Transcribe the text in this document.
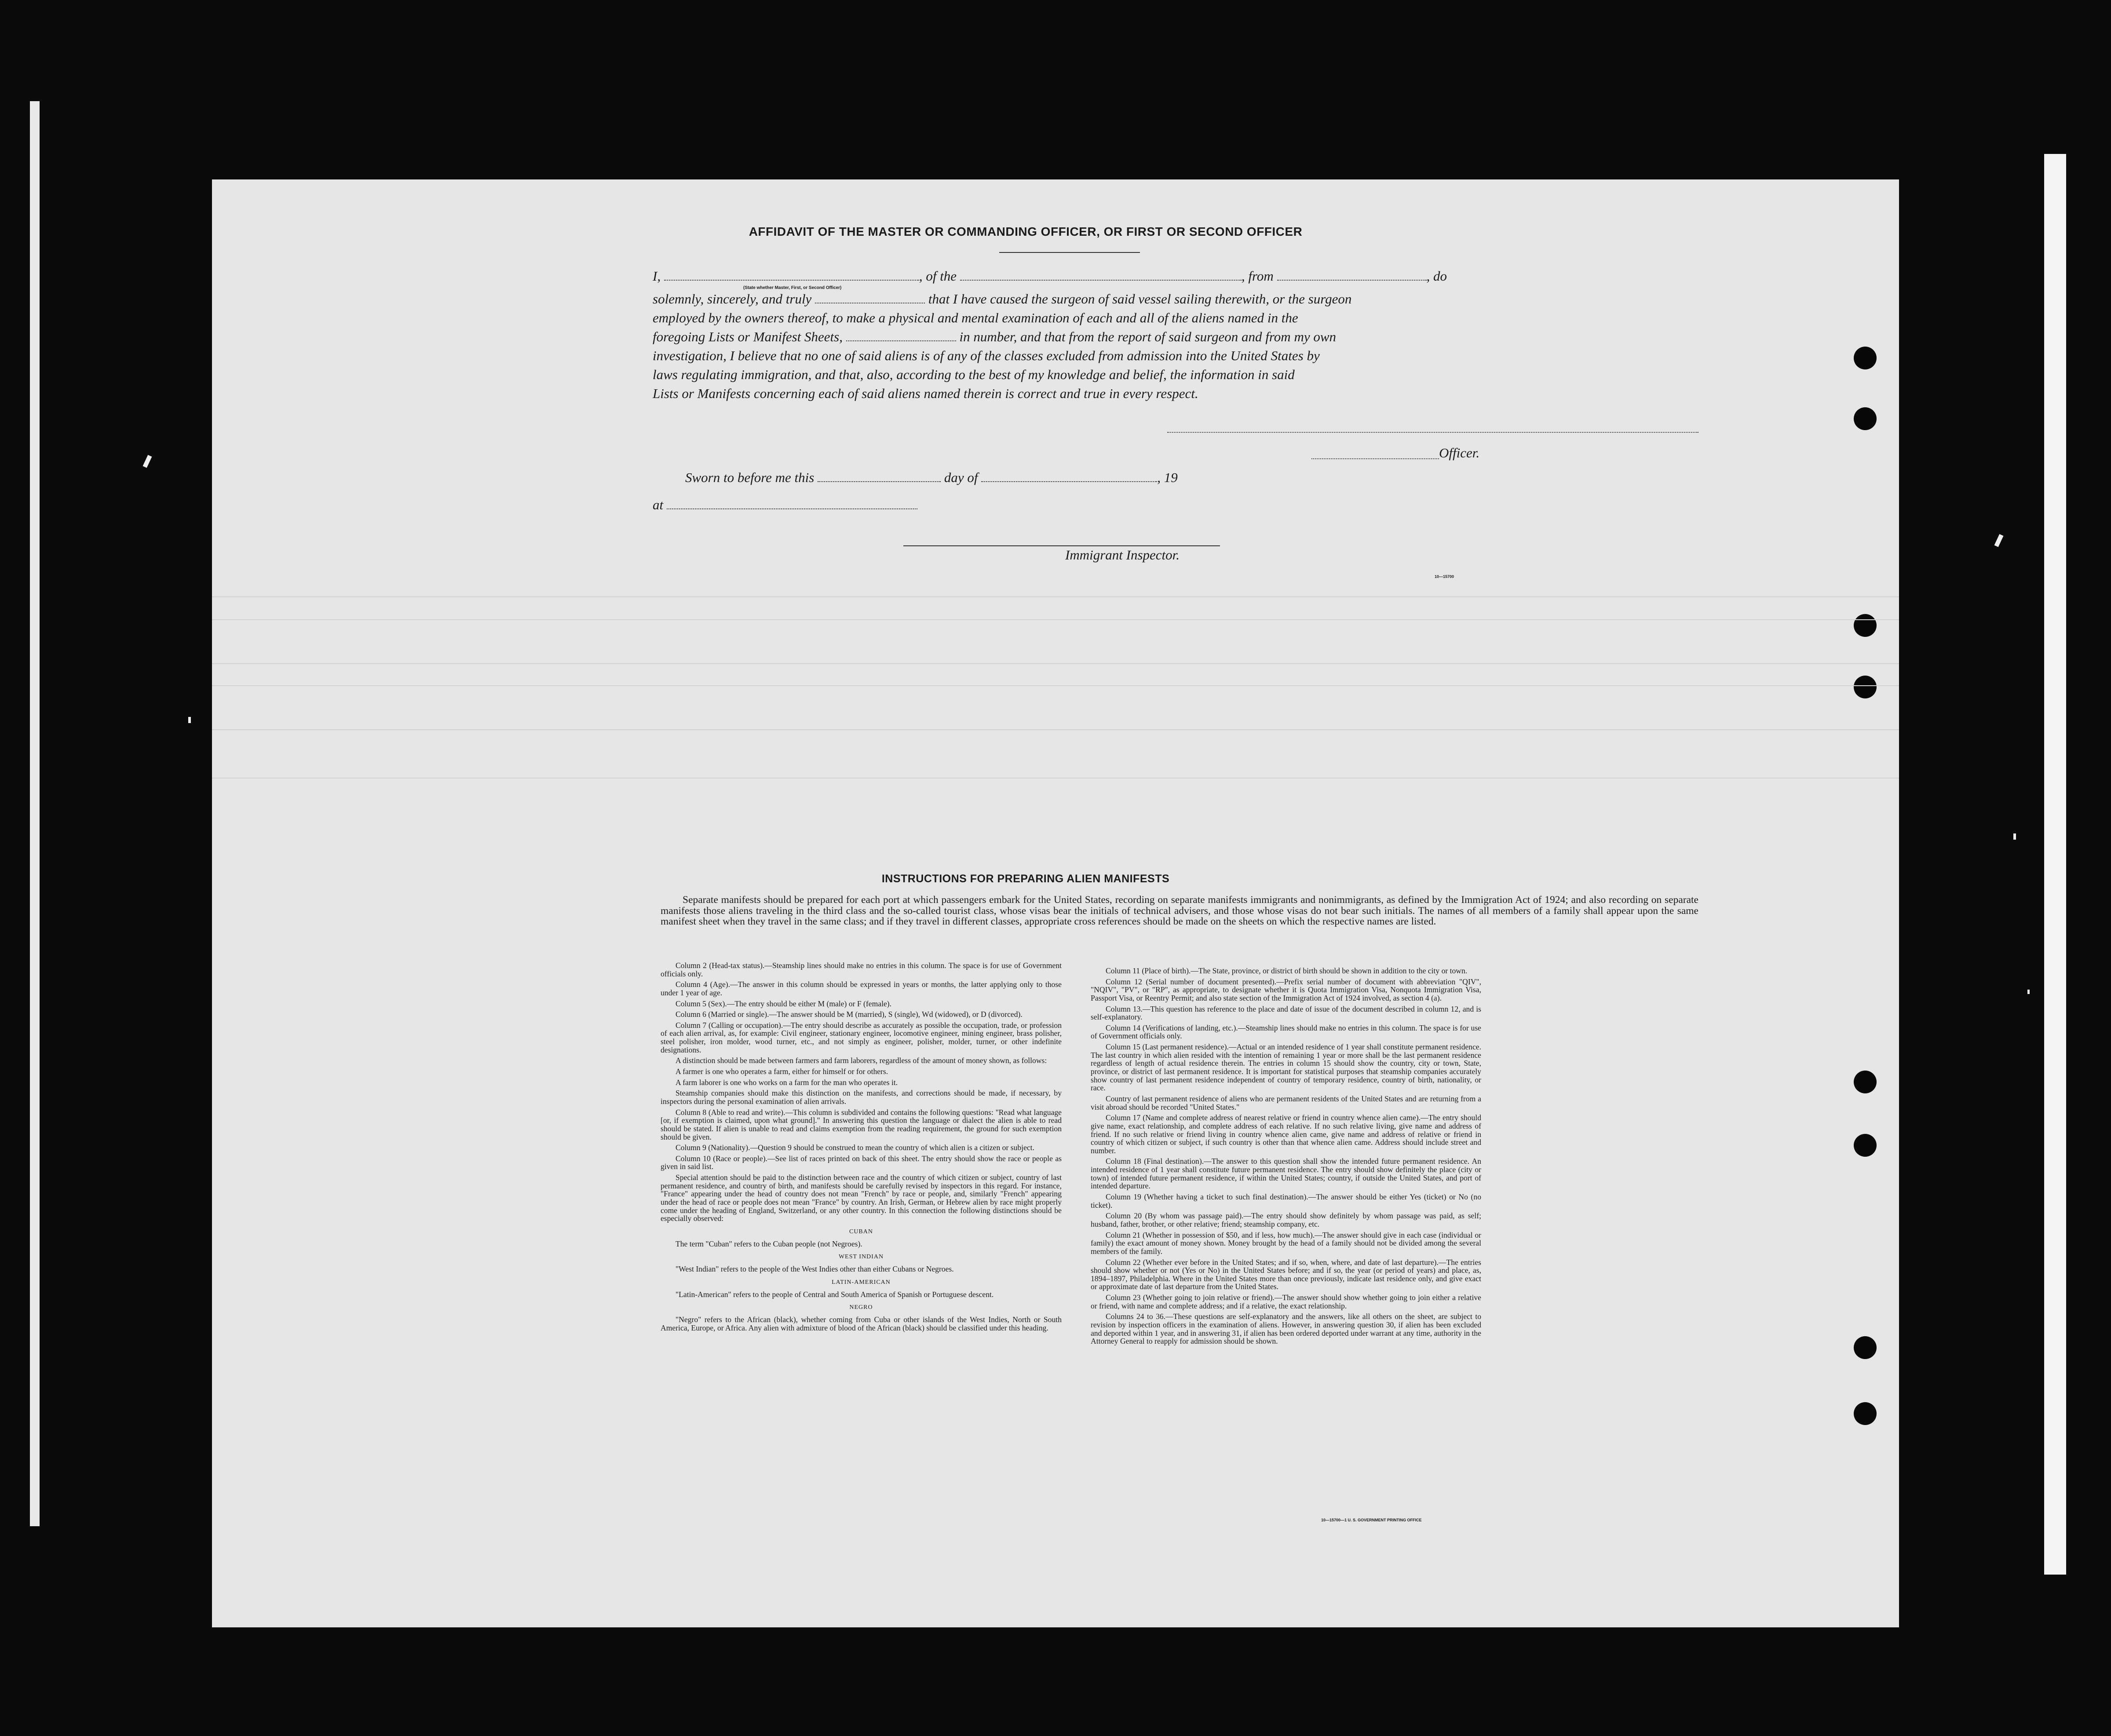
AFFIDAVIT OF THE MASTER OR COMMANDING OFFICER, OR FIRST OR SECOND OFFICER
I,	, of the	, from	, do
(State whether Master, First, or Second Officer)
solemnly, sincerely, and truly	that I have caused the surgeon of said vessel sailing therewith, or the surgeon
employed by the owners thereof, to make a physical and mental examination of each and all of the aliens named in the
foregoing Lists or Manifest Sheets,	in number, and that from the report of said surgeon and from my own
investigation, I believe that no one of said aliens is of any of the classes excluded from admission into the United States by
laws regulating immigration, and that, also, according to the best of my knowledge and belief, the information in said
Lists or Manifests concerning each of said aliens named therein is correct and true in every respect.
Officer.
Sworn to before me this	day of	, 19
at
Immigrant Inspector.
10—15700
INSTRUCTIONS FOR PREPARING ALIEN MANIFESTS
Separate manifests should be prepared for each port at which passengers embark for the United States, recording on separate manifests immigrants and nonimmigrants, as defined by the Immigration Act of 1924; and also recording on separate manifests those aliens traveling in the third class and the so-called tourist class, whose visas bear the initials of technical advisers, and those whose visas do not bear such initials. The names of all members of a family shall appear upon the same manifest sheet when they travel in the same class; and if they travel in different classes, appropriate cross references should be made on the sheets on which the respective names are listed.

Column 2 (Head-tax status).—Steamship lines should make no entries in this column. The space is for use of Government officials only.

Column 4 (Age).—The answer in this column should be expressed in years or months, the latter applying only to those under 1 year of age.

Column 5 (Sex).—The entry should be either M (male) or F (female).

Column 6 (Married or single).—The answer should be M (married), S (single), Wd (widowed), or D (divorced).

Column 7 (Calling or occupation).—The entry should describe as accurately as possible the occupation, trade, or profession of each alien arrival, as, for example: Civil engineer, stationary engineer, locomotive engineer, mining engineer, brass polisher, steel polisher, iron molder, wood turner, etc., and not simply as engineer, polisher, molder, turner, or other indefinite designations.

A distinction should be made between farmers and farm laborers, regardless of the amount of money shown, as follows:

A farmer is one who operates a farm, either for himself or for others.

A farm laborer is one who works on a farm for the man who operates it.

Steamship companies should make this distinction on the manifests, and corrections should be made, if necessary, by inspectors during the personal examination of alien arrivals.

Column 8 (Able to read and write).—This column is subdivided and contains the following questions: "Read what language [or, if exemption is claimed, upon what ground]." In answering this question the language or dialect the alien is able to read should be stated. If alien is unable to read and claims exemption from the reading requirement, the ground for such exemption should be given.

Column 9 (Nationality).—Question 9 should be construed to mean the country of which alien is a citizen or subject.

Column 10 (Race or people).—See list of races printed on back of this sheet. The entry should show the race or people as given in said list.

Special attention should be paid to the distinction between race and the country of which citizen or subject, country of last permanent residence, and country of birth, and manifests should be carefully revised by inspectors in this regard. For instance, "France" appearing under the head of country does not mean "French" by race or people, and, similarly "French" appearing under the head of race or people does not mean "France" by country. An Irish, German, or Hebrew alien by race might properly come under the heading of England, Switzerland, or any other country. In this connection the following distinctions should be especially observed:

CUBAN

The term "Cuban" refers to the Cuban people (not Negroes).

WEST INDIAN

"West Indian" refers to the people of the West Indies other than either Cubans or Negroes.

LATIN-AMERICAN

"Latin-American" refers to the people of Central and South America of Spanish or Portuguese descent.

NEGRO

"Negro" refers to the African (black), whether coming from Cuba or other islands of the West Indies, North or South America, Europe, or Africa. Any alien with admixture of blood of the African (black) should be classified under this heading.

Column 11 (Place of birth).—The State, province, or district of birth should be shown in addition to the city or town.

Column 12 (Serial number of document presented).—Prefix serial number of document with abbreviation "QIV", "NQIV", "PV", or "RP", as appropriate, to designate whether it is Quota Immigration Visa, Nonquota Immigration Visa, Passport Visa, or Reentry Permit; and also state section of the Immigration Act of 1924 involved, as section 4 (a).

Column 13.—This question has reference to the place and date of issue of the document described in column 12, and is self-explanatory.

Column 14 (Verifications of landing, etc.).—Steamship lines should make no entries in this column. The space is for use of Government officials only.

Column 15 (Last permanent residence).—Actual or an intended residence of 1 year shall constitute permanent residence. The last country in which alien resided with the intention of remaining 1 year or more shall be the last permanent residence regardless of length of actual residence therein. The entries in column 15 should show the country, city or town, State, province, or district of last permanent residence. It is important for statistical purposes that steamship companies accurately show country of last permanent residence independent of country of temporary residence, country of birth, nationality, or race.

Country of last permanent residence of aliens who are permanent residents of the United States and are returning from a visit abroad should be recorded "United States."

Column 17 (Name and complete address of nearest relative or friend in country whence alien came).—The entry should give name, exact relationship, and complete address of each relative. If no such relative living, give name and address of friend. If no such relative or friend living in country whence alien came, give name and address of relative or friend in country of which citizen or subject, if such country is other than that whence alien came. Address should include street and number.

Column 18 (Final destination).—The answer to this question shall show the intended future permanent residence. An intended residence of 1 year shall constitute future permanent residence. The entry should show definitely the place (city or town) of intended future permanent residence, if within the United States; country, if outside the United States, and port of intended departure.

Column 19 (Whether having a ticket to such final destination).—The answer should be either Yes (ticket) or No (no ticket).

Column 20 (By whom was passage paid).—The entry should show definitely by whom passage was paid, as self; husband, father, brother, or other relative; friend; steamship company, etc.

Column 21 (Whether in possession of $50, and if less, how much).—The answer should give in each case (individual or family) the exact amount of money shown. Money brought by the head of a family should not be divided among the several members of the family.

Column 22 (Whether ever before in the United States; and if so, when, where, and date of last departure).—The entries should show whether or not (Yes or No) in the United States before; and if so, the year (or period of years) and place, as, 1894–1897, Philadelphia. Where in the United States more than once previously, indicate last residence only, and give exact or approximate date of last departure from the United States.

Column 23 (Whether going to join relative or friend).—The answer should show whether going to join either a relative or friend, with name and complete address; and if a relative, the exact relationship.

Columns 24 to 36.—These questions are self-explanatory and the answers, like all others on the sheet, are subject to revision by inspection officers in the examination of aliens. However, in answering question 30, if alien has been excluded and deported within 1 year, and in answering 31, if alien has been ordered deported under warrant at any time, authority in the Attorney General to reapply for admission should be shown.

10—15700—1 U. S. GOVERNMENT PRINTING OFFICE
